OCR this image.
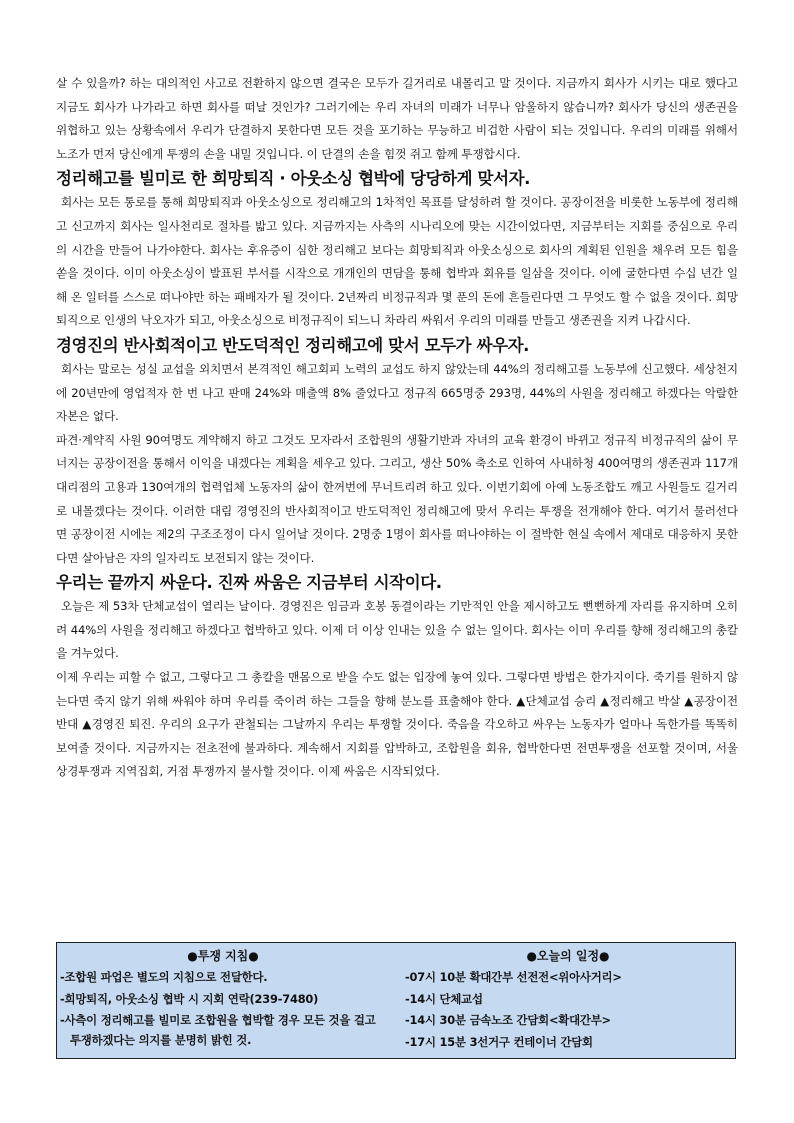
살 수 있을까? 하는 대의적인 사고로 전환하지 않으면 결국은 모두가 길거리로 내몰리고 말 것이다. 지금까지 회사가 시키는 대로 했다고 지금도 회사가 나가라고 하면 회사를 떠날 것인가? 그러기에는 우리 자녀의 미래가 너무나 암울하지 않습니까? 회사가 당신의 생존권을 위협하고 있는 상황속에서 우리가 단결하지 못한다면 모든 것을 포기하는 무능하고 비겁한 사람이 되는 것입니다. 우리의 미래를 위해서 노조가 먼저 당신에게 투쟁의 손을 내밀 것입니다. 이 단결의 손을 힘껏 쥐고 함께 투쟁합시다.

정리해고를 빌미로 한 희망퇴직 · 아웃소싱 협박에 당당하게 맞서자.

회사는 모든 통로를 통해 희망퇴직과 아웃소싱으로 정리해고의 1차적인 목표를 달성하려 할 것이다. 공장이전을 비롯한 노동부에 정리해고 신고까지 회사는 일사천리로 절차를 밟고 있다. 지금까지는 사측의 시나리오에 맞는 시간이었다면, 지금부터는 지회를 중심으로 우리의 시간을 만들어 나가야한다. 회사는 후유증이 심한 정리해고 보다는 희망퇴직과 아웃소싱으로 회사의 계획된 인원을 채우려 모든 힘을 쏟을 것이다. 이미 아웃소싱이 발표된 부서를 시작으로 개개인의 면담을 통해 협박과 회유를 일삼을 것이다. 이에 굴한다면 수십 년간 일해 온 일터를 스스로 떠나야만 하는 패배자가 될 것이다. 2년짜리 비정규직과 몇 푼의 돈에 흔들린다면 그 무엇도 할 수 없을 것이다. 희망퇴직으로 인생의 낙오자가 되고, 아웃소싱으로 비정규직이 되느니 차라리 싸워서 우리의 미래를 만들고 생존권을 지켜 나갑시다.

경영진의 반사회적이고 반도덕적인 정리해고에 맞서 모두가 싸우자.

회사는 말로는 성실 교섭을 외치면서 본격적인 해고회피 노력의 교섭도 하지 않았는데 44%의 정리해고를 노동부에 신고했다. 세상천지에 20년만에 영업적자 한 번 나고 판매 24%와 매출액 8% 줄었다고 정규직 665명중 293명, 44%의 사원을 정리해고 하겠다는 악랄한 자본은 없다.

파견·계약직 사원 90여명도 계약해지 하고 그것도 모자라서 조합원의 생활기반과 자녀의 교육 환경이 바뀌고 정규직 비정규직의 삶이 무너지는 공장이전을 통해서 이익을 내겠다는 계획을 세우고 있다. 그리고, 생산 50% 축소로 인하여 사내하청 400여명의 생존권과 117개 대리점의 고용과 130여개의 협력업체 노동자의 삶이 한꺼번에 무너트리려 하고 있다. 이번기회에 아예 노동조합도 깨고 사원들도 길거리로 내몰겠다는 것이다. 이러한 대림 경영진의 반사회적이고 반도덕적인 정리해고에 맞서 우리는 투쟁을 전개해야 한다. 여기서 물러선다면 공장이전 시에는 제2의 구조조정이 다시 일어날 것이다. 2명중 1명이 회사를 떠나야하는 이 절박한 현실 속에서 제대로 대응하지 못한다면 살아남은 자의 일자리도 보전되지 않는 것이다.

우리는 끝까지 싸운다. 진짜 싸움은 지금부터 시작이다.

오늘은 제 53차 단체교섭이 열리는 날이다. 경영진은 임금과 호봉 동결이라는 기만적인 안을 제시하고도 뻔뻔하게 자리를 유지하며 오히려 44%의 사원을 정리해고 하겠다고 협박하고 있다. 이제 더 이상 인내는 있을 수 없는 일이다. 회사는 이미 우리를 향해 정리해고의 총칼을 겨누었다.

이제 우리는 피할 수 없고, 그렇다고 그 총칼을 맨몸으로 받을 수도 없는 입장에 놓여 있다. 그렇다면 방법은 한가지이다. 죽기를 원하지 않는다면 죽지 않기 위해 싸워야 하며 우리를 죽이려 하는 그들을 향해 분노를 표출해야 한다. ▲단체교섭 승리 ▲정리해고 박살 ▲공장이전 반대 ▲경영진 퇴진. 우리의 요구가 관철되는 그날까지 우리는 투쟁할 것이다. 죽음을 각오하고 싸우는 노동자가 얼마나 독한가를 똑똑히 보여줄 것이다. 지금까지는 전초전에 불과하다. 계속해서 지회를 압박하고, 조합원을 회유, 협박한다면 전면투쟁을 선포할 것이며, 서울 상경투쟁과 지역집회, 거점 투쟁까지 불사할 것이다. 이제 싸움은 시작되었다.

●투쟁 지침●
-조합원 파업은 별도의 지침으로 전달한다.
-희망퇴직, 아웃소싱 협박 시 지회 연락(239-7480)
-사측이 정리해고를 빌미로 조합원을 협박할 경우 모든 것을 걸고 투쟁하겠다는 의지를 분명히 밝힌 것.
●오늘의 일정●
-07시 10분 확대간부 선전전<위아사거리>
-14시 단체교섭
-14시 30분 금속노조 간담회<확대간부>
-17시 15분 3선거구 컨테이너 간담회
